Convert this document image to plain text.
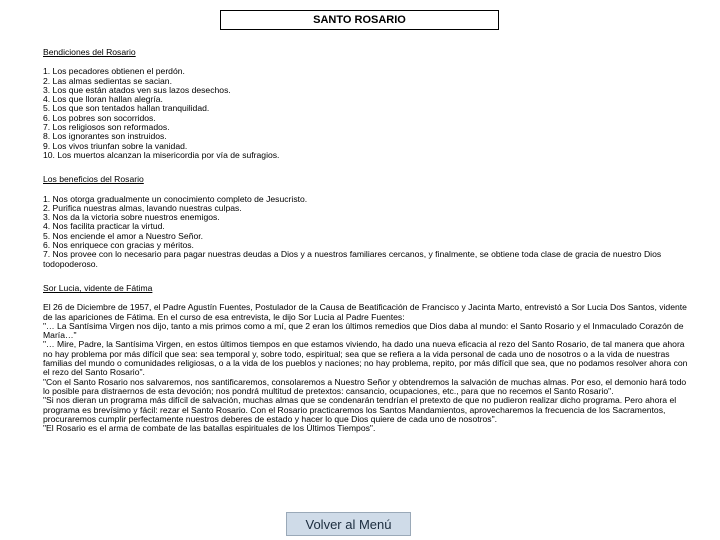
SANTO ROSARIO
Bendiciones del Rosario
1. Los pecadores obtienen el perdón.
2. Las almas sedientas se sacian.
3. Los que están atados ven sus lazos desechos.
4. Los que lloran hallan alegría.
5. Los que son tentados hallan tranquilidad.
6. Los pobres son socorridos.
7. Los religiosos son reformados.
8. Los ignorantes son instruidos.
9. Los vivos triunfan sobre la vanidad.
10. Los muertos alcanzan la misericordia por vía de sufragios.
Los beneficios del Rosario
1. Nos otorga gradualmente un conocimiento completo de Jesucristo.
2. Purifica nuestras almas, lavando nuestras culpas.
3. Nos da la victoria sobre nuestros enemigos.
4. Nos facilita practicar la virtud.
5. Nos enciende el amor a Nuestro Señor.
6. Nos enriquece con gracias y méritos.
7. Nos provee con lo necesario para pagar nuestras deudas a Dios y a nuestros familiares cercanos, y finalmente, se obtiene toda clase de gracia de nuestro Dios todopoderoso.
Sor Lucia, vidente de Fátima

El 26 de Diciembre de 1957, el Padre Agustín Fuentes, Postulador de la Causa de Beatificación de Francisco y Jacinta Marto, entrevistó a Sor Lucia Dos Santos, vidente de las apariciones de Fátima. En el curso de esa entrevista, le dijo Sor Lucia al Padre Fuentes:

"… La Santísima Virgen nos dijo, tanto a mis primos como a mí, que 2 eran los últimos remedios que Dios daba al mundo: el Santo Rosario y el Inmaculado Corazón de María…"

"… Mire, Padre, la Santísima Virgen, en estos últimos tiempos en que estamos viviendo, ha dado una nueva eficacia al rezo del Santo Rosario, de tal manera que ahora no hay problema por más difícil que sea: sea temporal y, sobre todo, espiritual; sea que se refiera a la vida personal de cada uno de nosotros o a la vida de nuestras familias del mundo o comunidades religiosas, o a la vida de los pueblos y naciones; no hay problema, repito, por más difícil que sea, que no podamos resolver ahora con el rezo del Santo Rosario".

"Con el Santo Rosario nos salvaremos, nos santificaremos, consolaremos a Nuestro Señor y obtendremos la salvación de muchas almas. Por eso, el demonio hará todo lo posible para distraernos de esta devoción; nos pondrá multitud de pretextos: cansancio, ocupaciones, etc., para que no recemos el Santo Rosario".

"Si nos dieran un programa más difícil de salvación, muchas almas que se condenarán tendrían el pretexto de que no pudieron realizar dicho programa. Pero ahora el programa es brevísimo y fácil: rezar el Santo Rosario. Con el Rosario practicaremos los Santos Mandamientos, aprovecharemos la frecuencia de los Sacramentos, procuraremos cumplir perfectamente nuestros deberes de estado y hacer lo que Dios quiere de cada uno de nosotros".

"El Rosario es el arma de combate de las batallas espirituales de los Últimos Tiempos".

Volver al Menú
